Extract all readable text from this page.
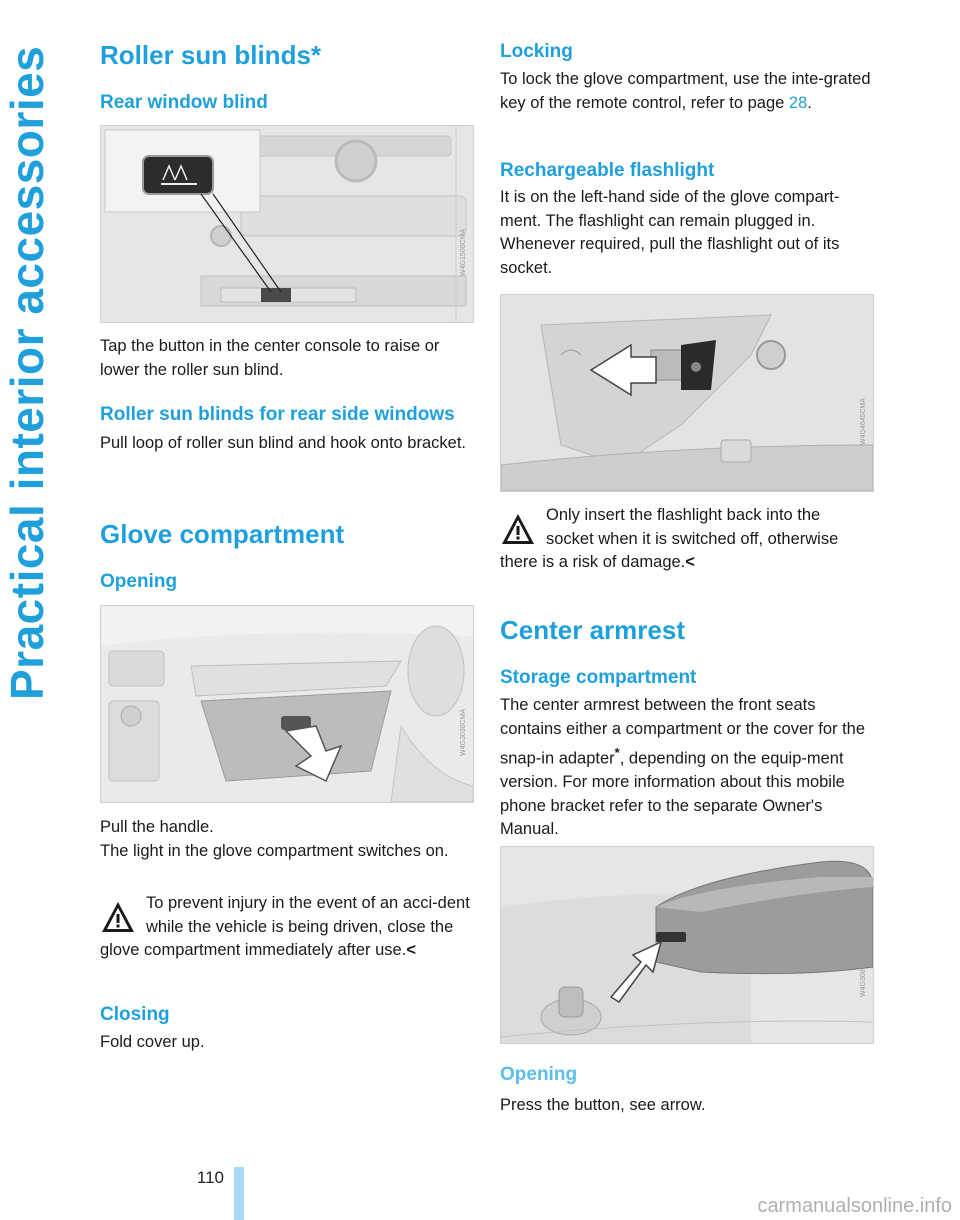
Practical interior accessories Roller sun blinds*
Rear window blind
W4G1500CMA

Tap the button in the center console to raise or lower the roller sun blind.

Roller sun blinds for rear side windows

Pull loop of roller sun blind and hook onto bracket.

Glove compartment
Opening
W4G3030CMA

Pull the handle.

The light in the glove compartment switches on.

To prevent injury in the event of an acci-dent while the vehicle is being driven, close the glove compartment immediately after use.<

Closing

Fold cover up.

Locking

To lock the glove compartment, use the inte-grated key of the remote control, refer to page 28.

Rechargeable flashlight

It is on the left-hand side of the glove compart-ment. The flashlight can remain plugged in. Whenever required, pull the flashlight out of its socket.

W4G4645CMA

Only insert the flashlight back into the socket when it is switched off, otherwise there is a risk of damage.<

Center armrest
Storage compartment

The center armrest between the front seats contains either a compartment or the cover for the snap-in adapter*, depending on the equip-ment version. For more information about this mobile phone bracket refer to the separate Owner's Manual.

W4G3087CMA
Opening

Press the button, see arrow.

110
carmanualsonline.info
